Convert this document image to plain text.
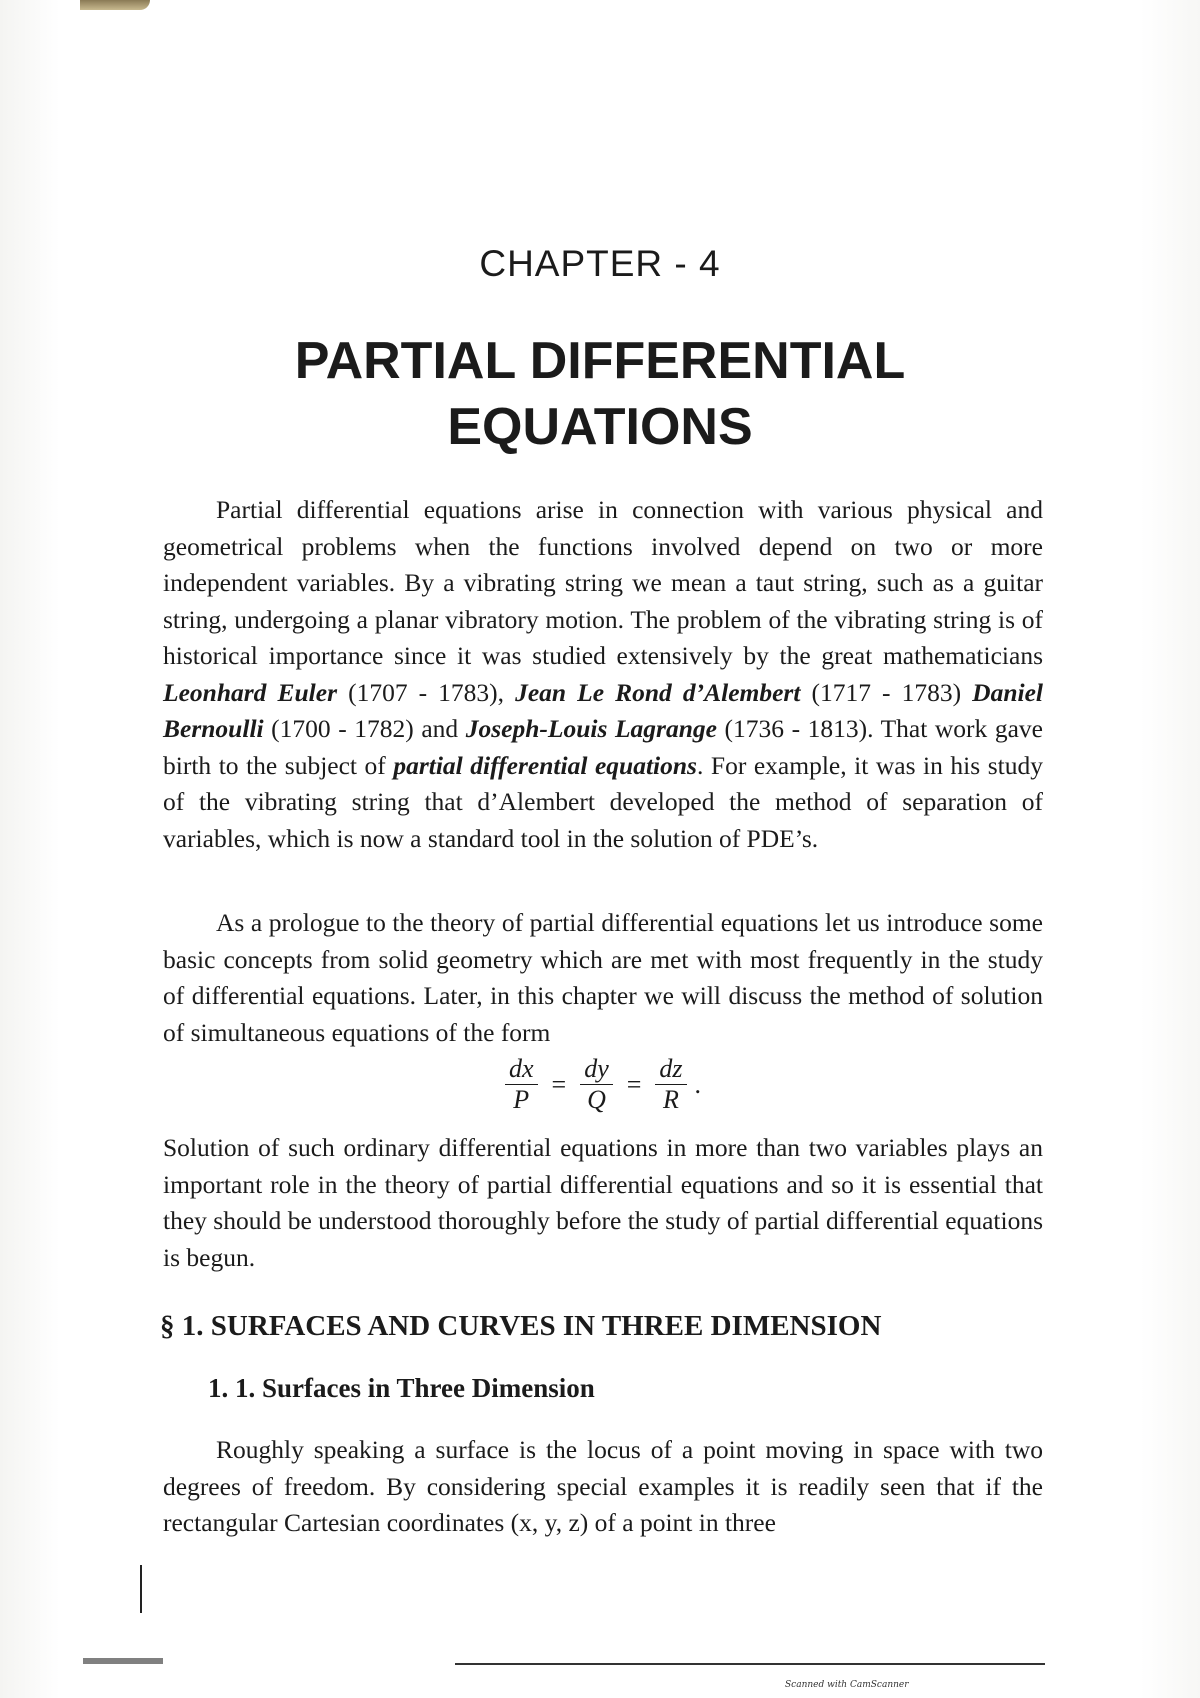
CHAPTER - 4
PARTIAL DIFFERENTIAL
EQUATIONS

Partial differential equations arise in connection with various physical and geometrical problems when the functions involved depend on two or more independent variables. By a vibrating string we mean a taut string, such as a guitar string, undergoing a planar vibratory motion. The problem of the vibrating string is of historical importance since it was studied extensively by the great mathematicians Leonhard Euler (1707 - 1783), Jean Le Rond d’Alembert (1717 - 1783) Daniel Bernoulli (1700 - 1782) and Joseph-Louis Lagrange (1736 - 1813). That work gave birth to the subject of partial differential equations. For example, it was in his study of the vibrating string that d’Alembert developed the method of separation of variables, which is now a standard tool in the solution of PDE’s.

As a prologue to the theory of partial differential equations let us introduce some basic concepts from solid geometry which are met with most frequently in the study of differential equations. Later, in this chapter we will discuss the method of solution of simultaneous equations of the form

$\frac{dx}{P} = \frac{dy}{Q} = \frac{dz}{R}$ .

Solution of such ordinary differential equations in more than two variables plays an important role in the theory of partial differential equations and so it is essential that they should be understood thoroughly before the study of partial differential equations is begun.

§ 1. SURFACES AND CURVES IN THREE DIMENSION
1. 1. Surfaces in Three Dimension

Roughly speaking a surface is the locus of a point moving in space with two degrees of freedom. By considering special examples it is readily seen that if the rectangular Cartesian coordinates (x, y, z) of a point in three

Scanned with CamScanner
